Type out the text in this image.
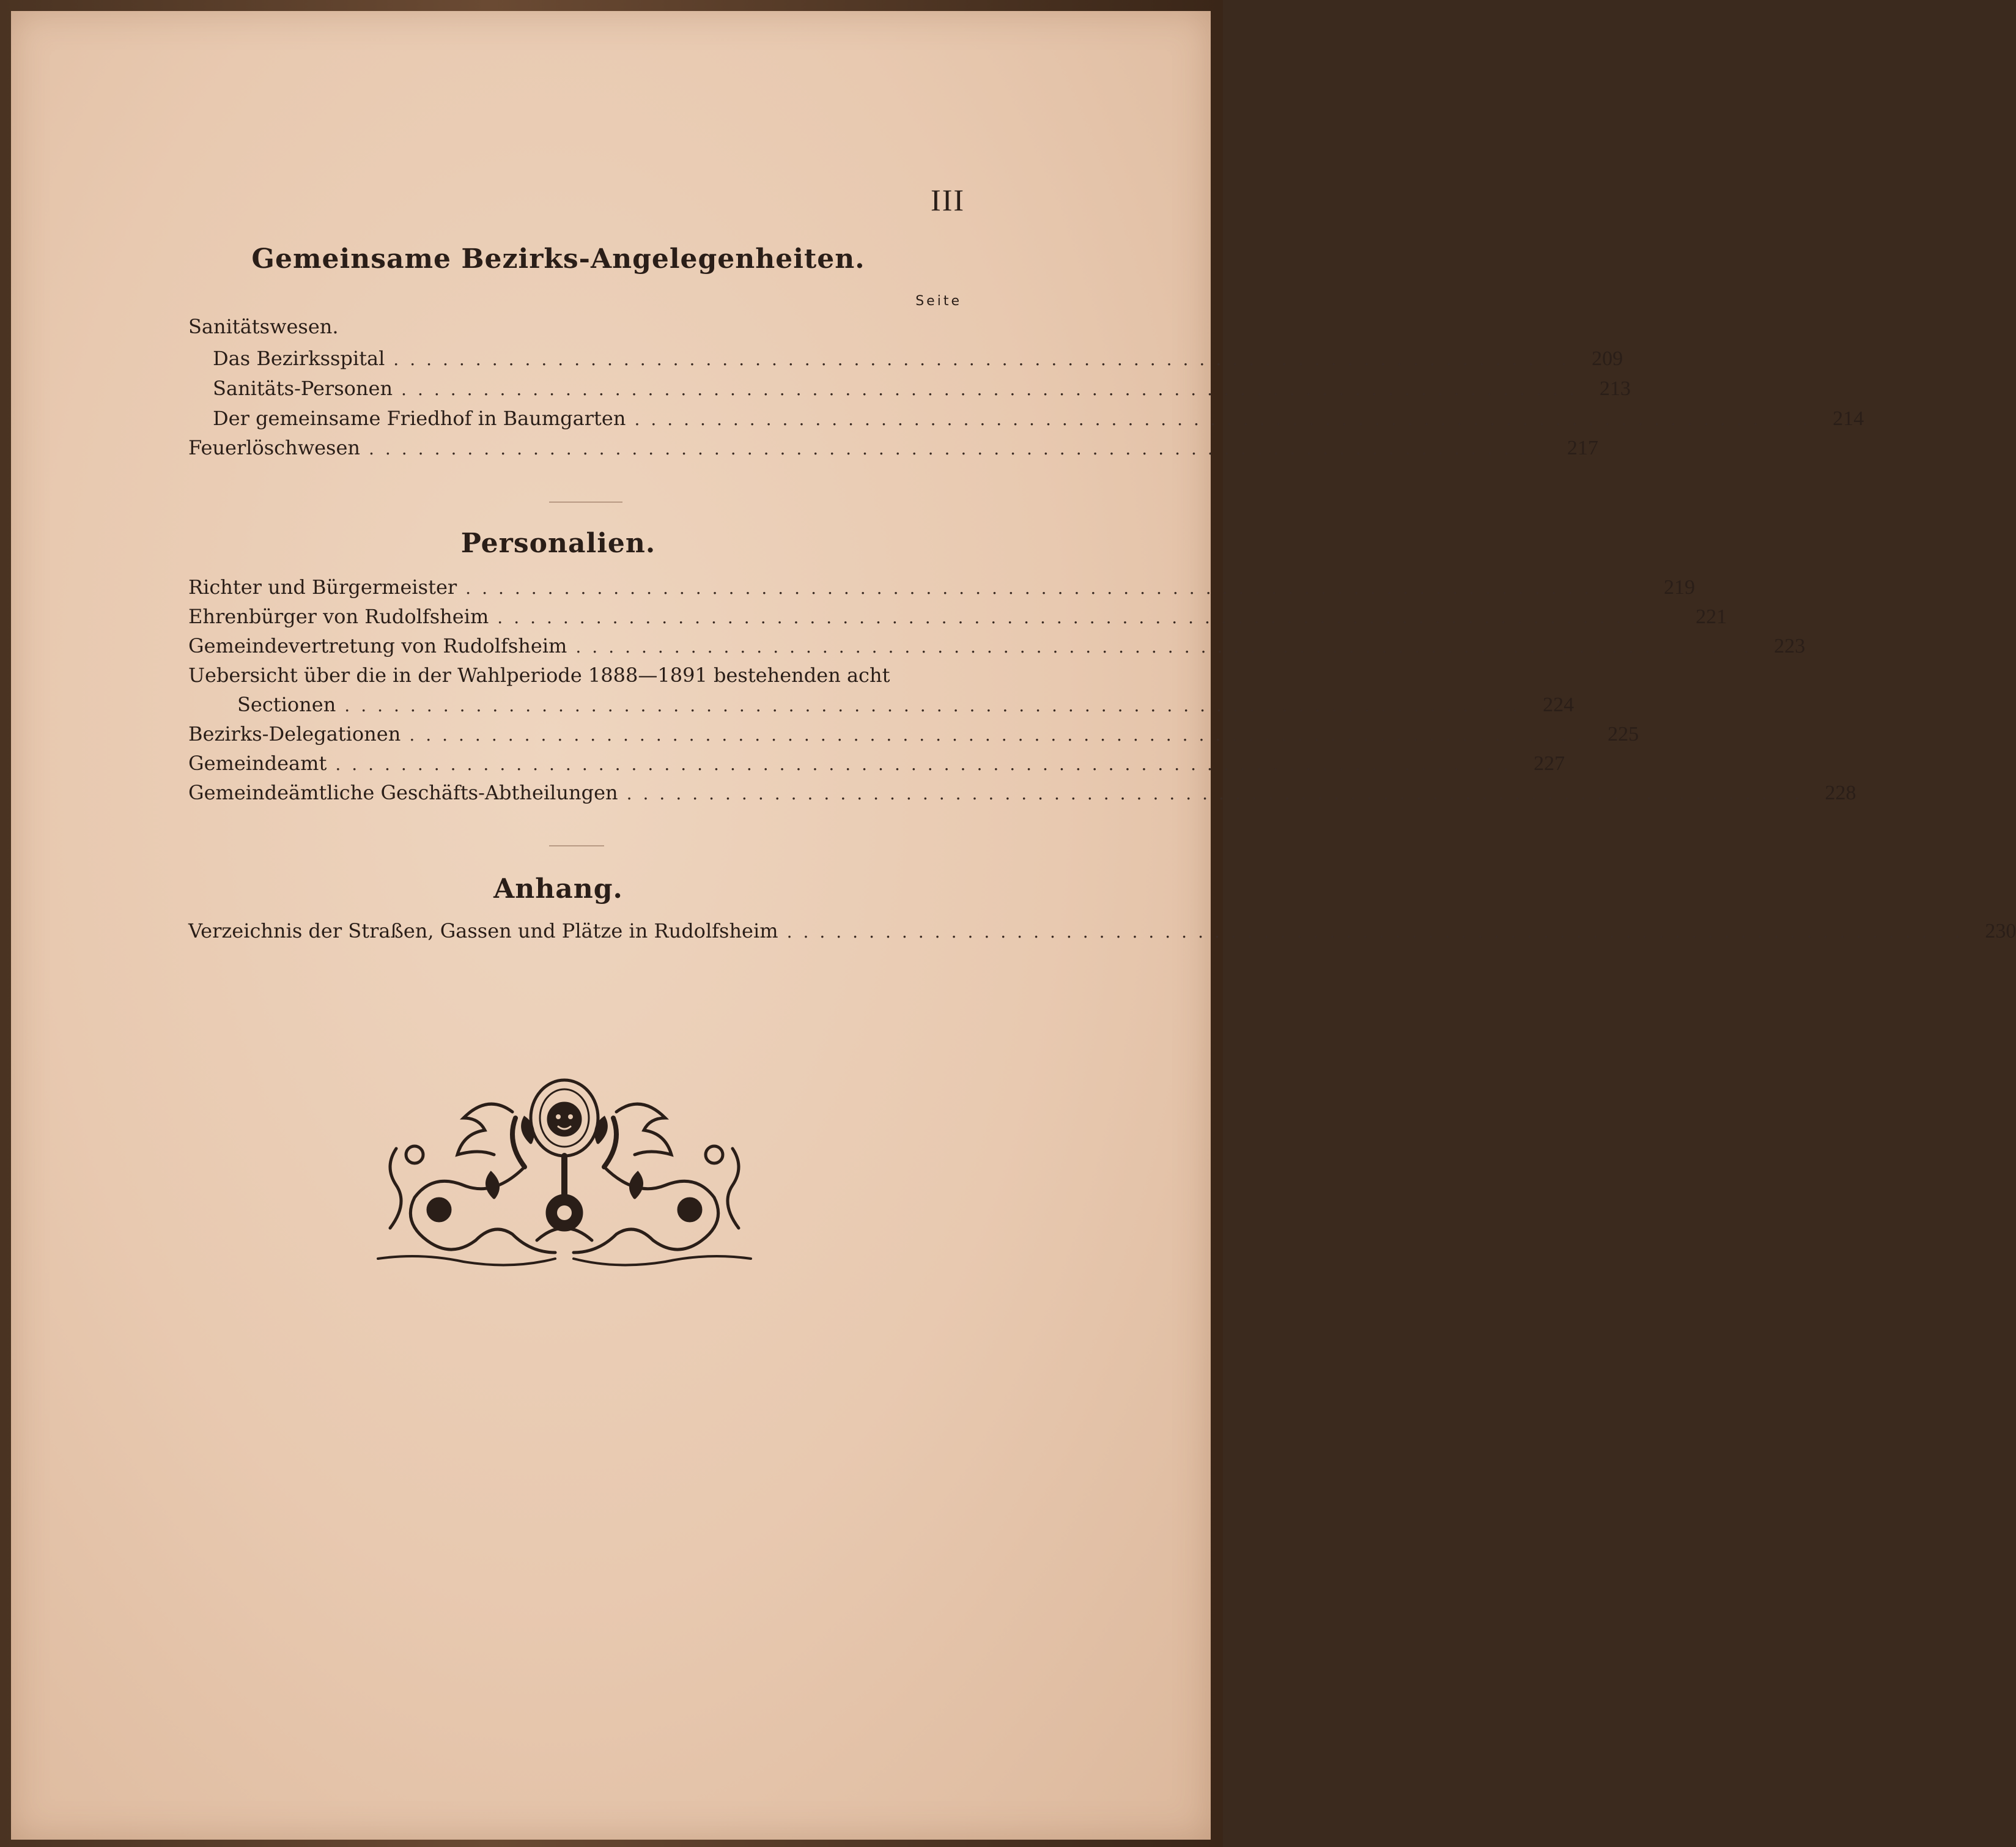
III
Gemeinsame Bezirks-Angelegenheiten.
Seite
Sanitätswesen.
Das Bezirksspital ........................................................................ 209
Sanitäts-Personen ........................................................................ 213
Der gemeinsame Friedhof in Baumgarten ........................................................................ 214
Feuerlöschwesen ........................................................................ 217
Personalien.
Richter und Bürgermeister ........................................................................ 219
Ehrenbürger von Rudolfsheim ........................................................................ 221
Gemeindevertretung von Rudolfsheim ........................................................................ 223
Uebersicht über die in der Wahlperiode 1888—1891 bestehenden acht
Sectionen ........................................................................ 224
Bezirks-Delegationen ........................................................................ 225
Gemeindeamt ........................................................................ 227
Gemeindeämtliche Geschäfts-Abtheilungen ........................................................................ 228
Anhang.
Verzeichnis der Straßen, Gassen und Plätze in Rudolfsheim ........................................................................ 230
